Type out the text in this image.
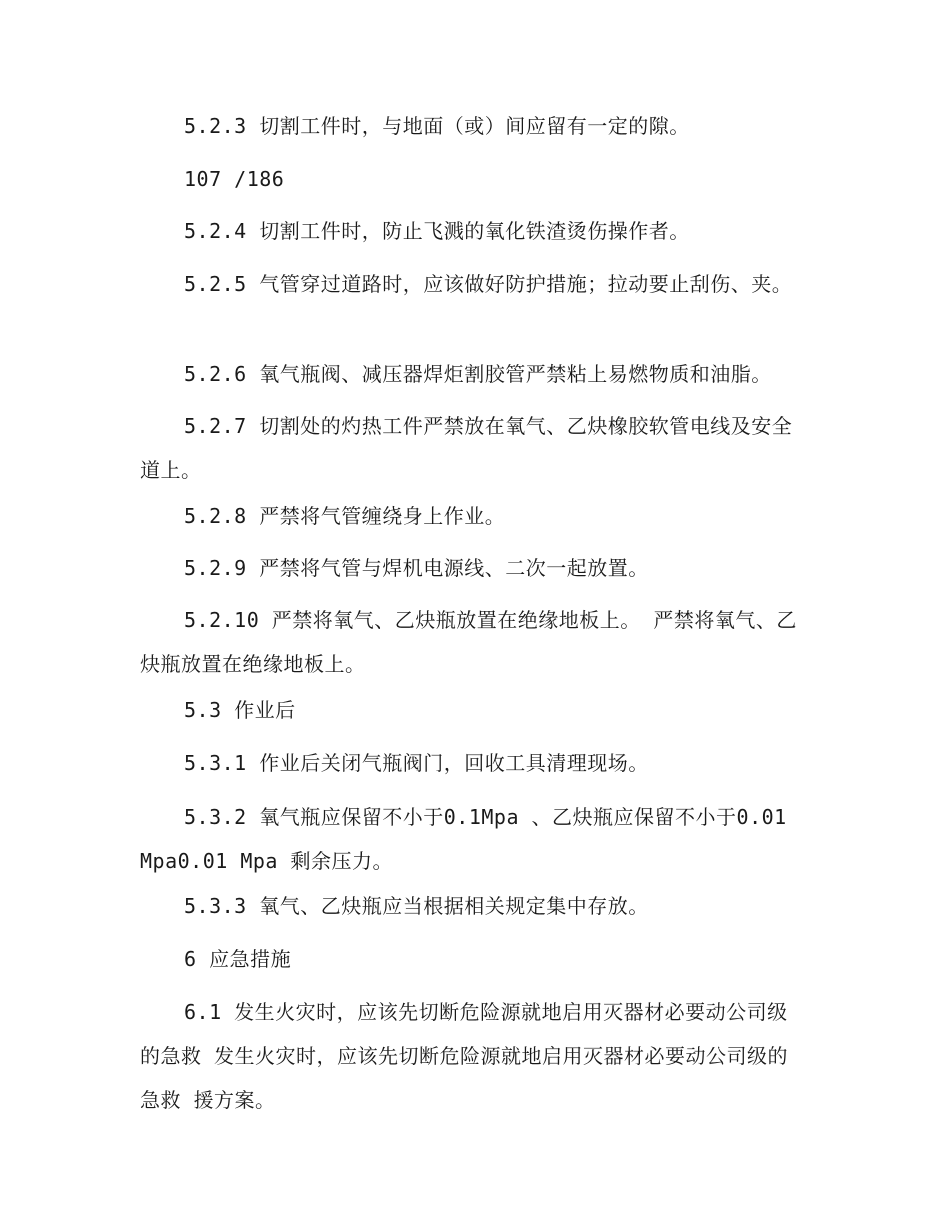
5.2.3 切割工件时，与地面（或）间应留有一定的隙。

107 /186

5.2.4 切割工件时，防止飞溅的氧化铁渣烫伤操作者。

5.2.5 气管穿过道路时，应该做好防护措施；拉动要止刮伤、夹。

5.2.6 氧气瓶阀、减压器焊炬割胶管严禁粘上易燃物质和油脂。

5.2.7 切割处的灼热工件严禁放在氧气、乙炔橡胶软管电线及安全道上。

5.2.8 严禁将气管缠绕身上作业。

5.2.9 严禁将气管与焊机电源线、二次一起放置。

5.2.10 严禁将氧气、乙炔瓶放置在绝缘地板上。 严禁将氧气、乙炔瓶放置在绝缘地板上。

5.3 作业后

5.3.1 作业后关闭气瓶阀门，回收工具清理现场。

5.3.2 氧气瓶应保留不小于0.1Mpa 、乙炔瓶应保留不小于0.01 Mpa0.01 Mpa 剩余压力。

5.3.3 氧气、乙炔瓶应当根据相关规定集中存放。

6 应急措施

6.1 发生火灾时，应该先切断危险源就地启用灭器材必要动公司级的急救 发生火灾时，应该先切断危险源就地启用灭器材必要动公司级的急救 援方案。
